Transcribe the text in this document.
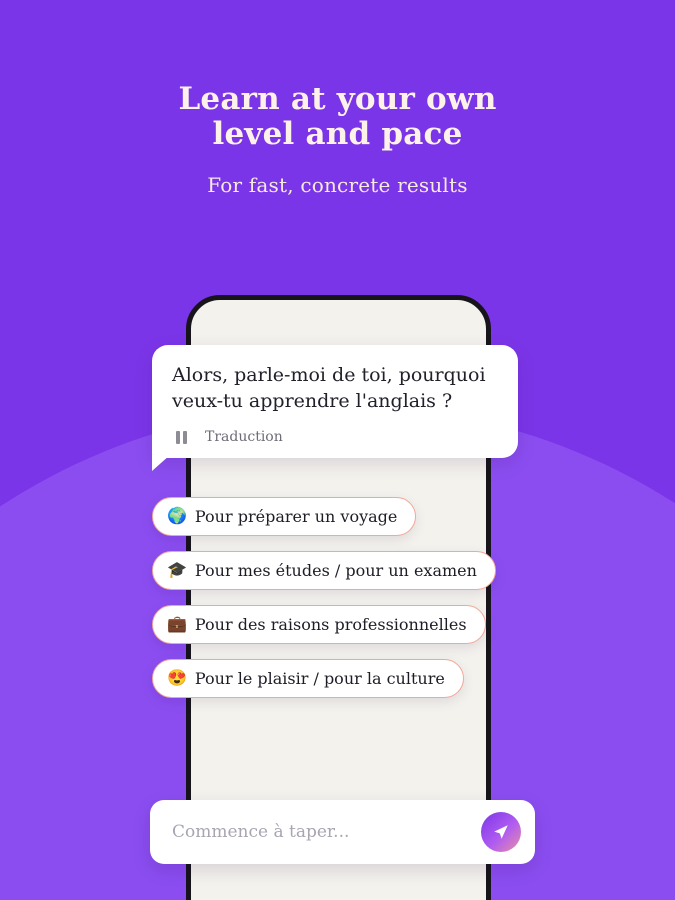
Learn at your own
level and pace
For fast, concrete results

Alors, parle-moi de toi, pourquoi veux-tu apprendre l'anglais ?

Traduction
🌍 Pour préparer un voyage

🎓 Pour mes études / pour un examen

💼 Pour des raisons professionnelles

😍 Pour le plaisir / pour la culture
Commence à taper...
